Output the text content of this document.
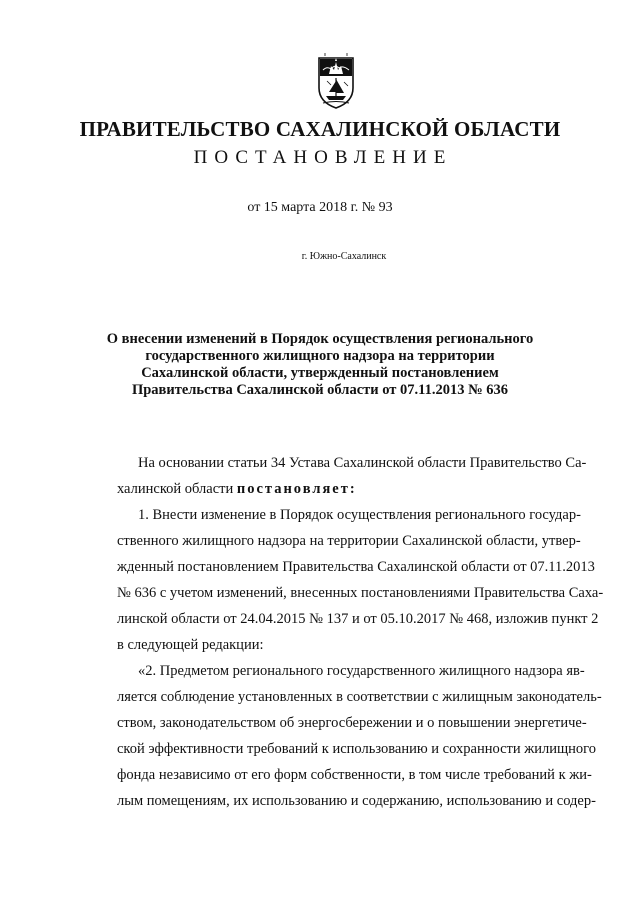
ПРАВИТЕЛЬСТВО САХАЛИНСКОЙ ОБЛАСТИ
ПОСТАНОВЛЕНИЕ
от 15 марта 2018 г. № 93
г. Южно-Сахалинск
О внесении изменений в Порядок осуществления регионального
государственного жилищного надзора на территории
Сахалинской области, утвержденный постановлением
Правительства Сахалинской области от 07.11.2013 № 636
На основании статьи 34 Устава Сахалинской области Правительство Са-
халинской области постановляет:
1. Внести изменение в Порядок осуществления регионального государ-
ственного жилищного надзора на территории Сахалинской области, утвер-
жденный постановлением Правительства Сахалинской области от 07.11.2013
№ 636 с учетом изменений, внесенных постановлениями Правительства Саха-
линской области от 24.04.2015 № 137 и от 05.10.2017 № 468, изложив пункт 2
в следующей редакции:
«2. Предметом регионального государственного жилищного надзора яв-
ляется соблюдение установленных в соответствии с жилищным законодатель-
ством, законодательством об энергосбережении и о повышении энергетиче-
ской эффективности требований к использованию и сохранности жилищного
фонда независимо от его форм собственности, в том числе требований к жи-
лым помещениям, их использованию и содержанию, использованию и содер-
